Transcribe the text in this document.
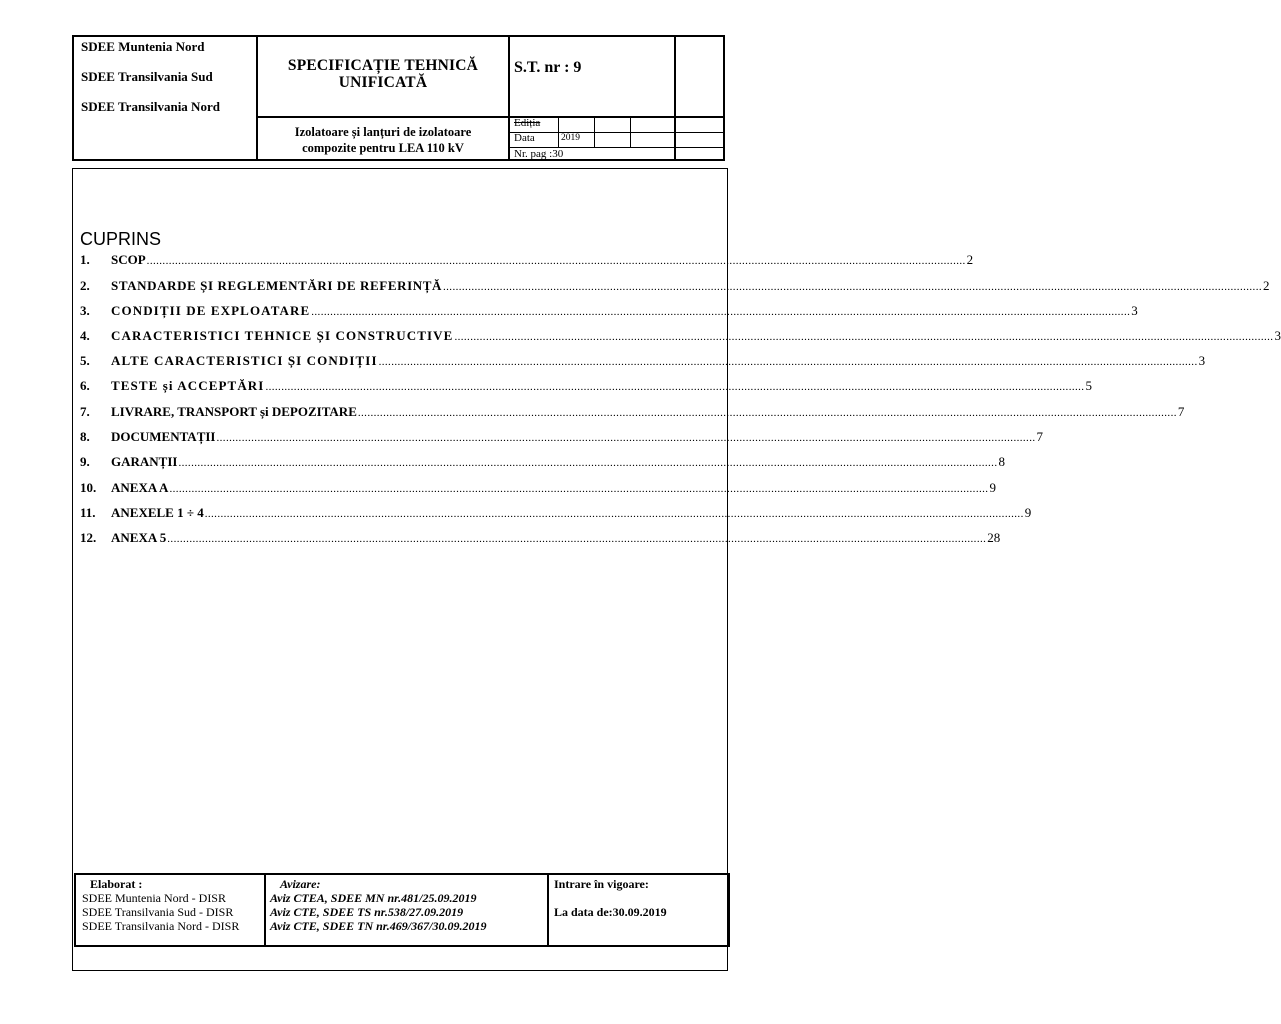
SDEE Muntenia Nord
SDEE Transilvania Sud
SDEE Transilvania Nord
SPECIFICAȚIE TEHNICĂ
UNIFICATĂ
S.T. nr : 9
Izolatoare și lanțuri de izolatoare
compozite pentru LEA 110 kV
Ediția
Data	2019
Nr. pag :30
CUPRINS
1.	SCOP .................................................................................................................................................................................................................................................................... 2
2.	STANDARDE ȘI REGLEMENTĂRI DE REFERINȚĂ .................................................................................................................................................................................................................................................................... 2
3.	CONDIȚII DE EXPLOATARE .................................................................................................................................................................................................................................................................... 3
4.	CARACTERISTICI TEHNICE ȘI CONSTRUCTIVE .................................................................................................................................................................................................................................................................... 3
5.	ALTE CARACTERISTICI ȘI CONDIȚII .................................................................................................................................................................................................................................................................... 3
6.	TESTE și ACCEPTĂRI .................................................................................................................................................................................................................................................................... 5
7.	LIVRARE, TRANSPORT și DEPOZITARE .................................................................................................................................................................................................................................................................... 7
8.	DOCUMENTAȚII .................................................................................................................................................................................................................................................................... 7
9.	GARANȚII .................................................................................................................................................................................................................................................................... 8
10.	ANEXA A .................................................................................................................................................................................................................................................................... 9
11.	ANEXELE 1 ÷ 4 .................................................................................................................................................................................................................................................................... 9
12.	ANEXA 5 .................................................................................................................................................................................................................................................................... 28
Elaborat :
SDEE Muntenia Nord - DISR
SDEE Transilvania Sud - DISR
SDEE Transilvania Nord - DISR
Avizare:
Aviz CTEA, SDEE MN nr.481/25.09.2019
Aviz CTE, SDEE TS nr.538/27.09.2019
Aviz CTE, SDEE TN nr.469/367/30.09.2019
Intrare în vigoare:
La data de:30.09.2019
